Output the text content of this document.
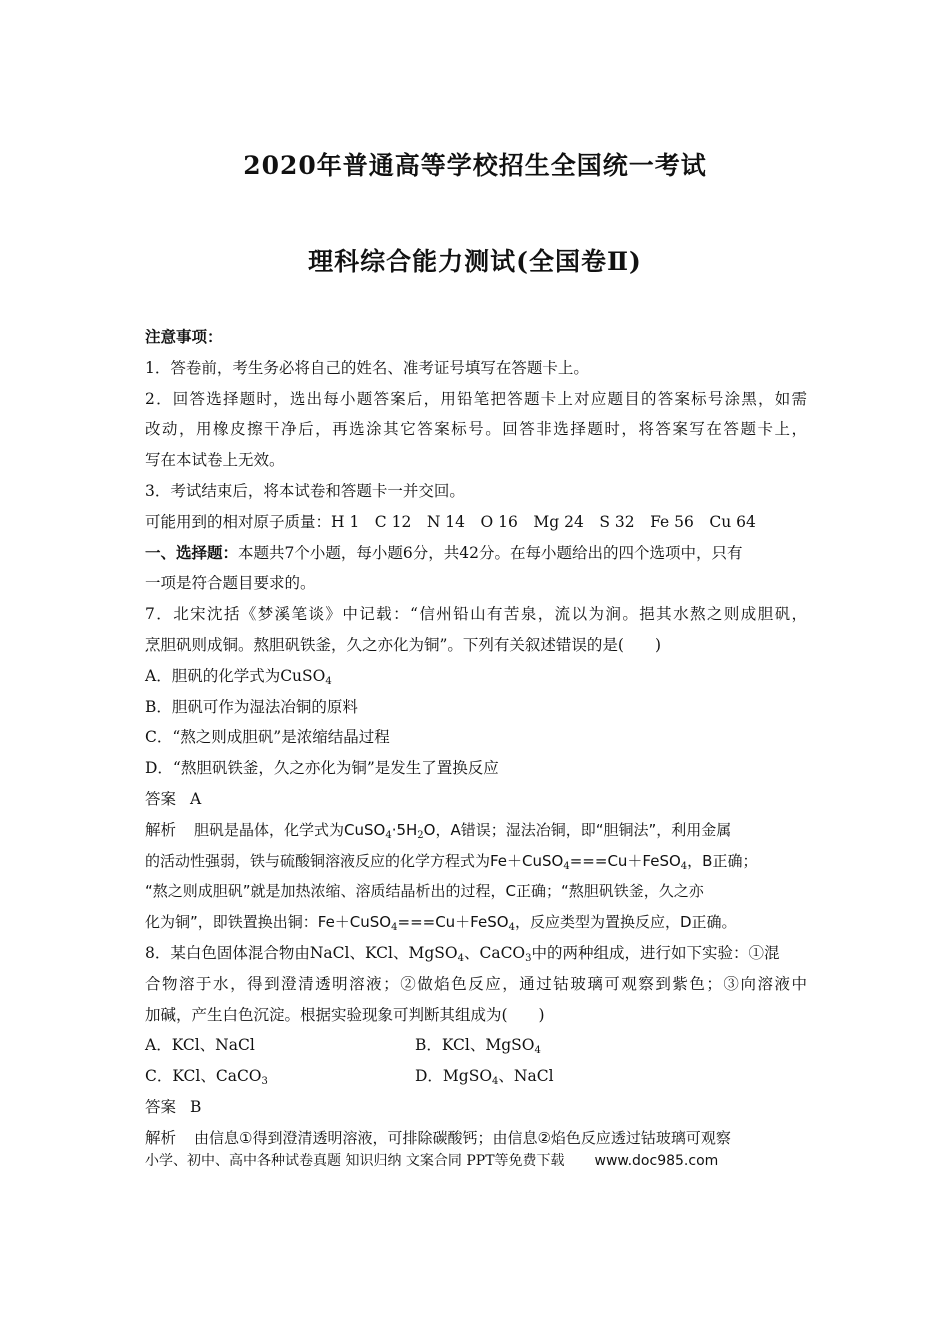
2020年普通高等学校招生全国统一考试
理科综合能力测试(全国卷Ⅱ)

注意事项：

1．答卷前，考生务必将自己的姓名、准考证号填写在答题卡上。

2．回答选择题时，选出每小题答案后，用铅笔把答题卡上对应题目的答案标号涂黑，如需

改动，用橡皮擦干净后，再选涂其它答案标号。回答非选择题时，将答案写在答题卡上，

写在本试卷上无效。

3．考试结束后，将本试卷和答题卡一并交回。

可能用到的相对原子质量：H 1　C 12　N 14　O 16　Mg 24　S 32　Fe 56　Cu 64

一、选择题：本题共7个小题，每小题6分，共42分。在每小题给出的四个选项中，只有

一项是符合题目要求的。

7．北宋沈括《梦溪笔谈》中记载：“信州铅山有苦泉，流以为涧。挹其水熬之则成胆矾，

烹胆矾则成铜。熬胆矾铁釜，久之亦化为铜”。下列有关叙述错误的是(　　)

A．胆矾的化学式为CuSO$_4$

B．胆矾可作为湿法冶铜的原料

C．“熬之则成胆矾”是浓缩结晶过程

D．“熬胆矾铁釜，久之亦化为铜”是发生了置换反应

答案 A

解析 胆矾是晶体，化学式为$CuSO_4\cdot 5H_2O$，A错误；湿法冶铜，即“胆铜法”，利用金属

的活动性强弱，铁与硫酸铜溶液反应的化学方程式为Fe＋CuSO$_4$===Cu＋FeSO$_4$，B正确；

“熬之则成胆矾”就是加热浓缩、溶质结晶析出的过程，C正确；“熬胆矾铁釜，久之亦

化为铜”，即铁置换出铜：Fe＋CuSO$_4$===Cu＋FeSO$_4$，反应类型为置换反应，D正确。

8．某白色固体混合物由NaCl、KCl、MgSO$_4$、CaCO$_3$中的两种组成，进行如下实验：①混

合物溶于水，得到澄清透明溶液；②做焰色反应，通过钴玻璃可观察到紫色；③向溶液中

加碱，产生白色沉淀。根据实验现象可判断其组成为(　　)

A．KCl、NaCl	B．KCl、MgSO$_4$
C．KCl、CaCO$_3$	D．MgSO$_4$、NaCl

答案 B

解析 由信息①得到澄清透明溶液，可排除碳酸钙；由信息②焰色反应透过钴玻璃可观察

小学、初中、高中各种试卷真题 知识归纳 文案合同 PPT等免费下载 www.doc985.com
